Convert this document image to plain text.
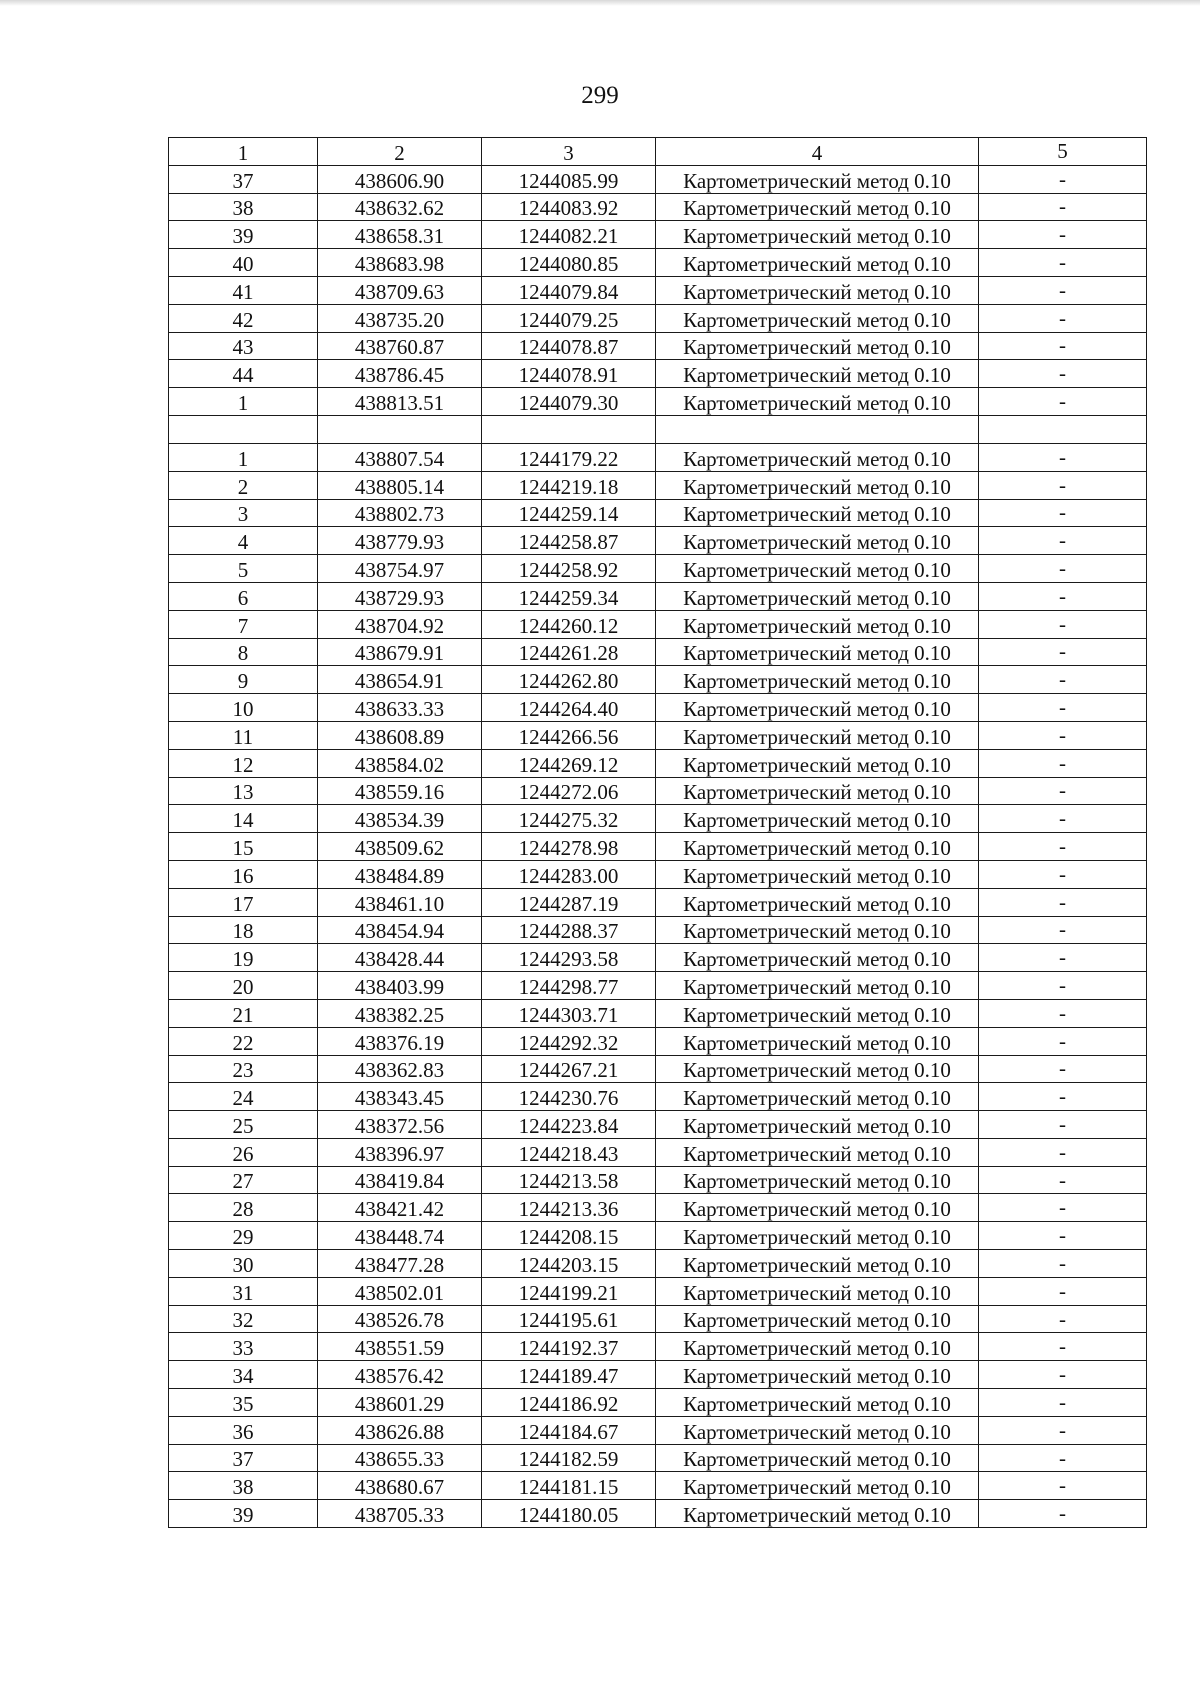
299
1	2	3	4	5
37	438606.90	1244085.99	Картометрический метод 0.10	-
38	438632.62	1244083.92	Картометрический метод 0.10	-
39	438658.31	1244082.21	Картометрический метод 0.10	-
40	438683.98	1244080.85	Картометрический метод 0.10	-
41	438709.63	1244079.84	Картометрический метод 0.10	-
42	438735.20	1244079.25	Картометрический метод 0.10	-
43	438760.87	1244078.87	Картометрический метод 0.10	-
44	438786.45	1244078.91	Картометрический метод 0.10	-
1	438813.51	1244079.30	Картометрический метод 0.10	-

1	438807.54	1244179.22	Картометрический метод 0.10	-
2	438805.14	1244219.18	Картометрический метод 0.10	-
3	438802.73	1244259.14	Картометрический метод 0.10	-
4	438779.93	1244258.87	Картометрический метод 0.10	-
5	438754.97	1244258.92	Картометрический метод 0.10	-
6	438729.93	1244259.34	Картометрический метод 0.10	-
7	438704.92	1244260.12	Картометрический метод 0.10	-
8	438679.91	1244261.28	Картометрический метод 0.10	-
9	438654.91	1244262.80	Картометрический метод 0.10	-
10	438633.33	1244264.40	Картометрический метод 0.10	-
11	438608.89	1244266.56	Картометрический метод 0.10	-
12	438584.02	1244269.12	Картометрический метод 0.10	-
13	438559.16	1244272.06	Картометрический метод 0.10	-
14	438534.39	1244275.32	Картометрический метод 0.10	-
15	438509.62	1244278.98	Картометрический метод 0.10	-
16	438484.89	1244283.00	Картометрический метод 0.10	-
17	438461.10	1244287.19	Картометрический метод 0.10	-
18	438454.94	1244288.37	Картометрический метод 0.10	-
19	438428.44	1244293.58	Картометрический метод 0.10	-
20	438403.99	1244298.77	Картометрический метод 0.10	-
21	438382.25	1244303.71	Картометрический метод 0.10	-
22	438376.19	1244292.32	Картометрический метод 0.10	-
23	438362.83	1244267.21	Картометрический метод 0.10	-
24	438343.45	1244230.76	Картометрический метод 0.10	-
25	438372.56	1244223.84	Картометрический метод 0.10	-
26	438396.97	1244218.43	Картометрический метод 0.10	-
27	438419.84	1244213.58	Картометрический метод 0.10	-
28	438421.42	1244213.36	Картометрический метод 0.10	-
29	438448.74	1244208.15	Картометрический метод 0.10	-
30	438477.28	1244203.15	Картометрический метод 0.10	-
31	438502.01	1244199.21	Картометрический метод 0.10	-
32	438526.78	1244195.61	Картометрический метод 0.10	-
33	438551.59	1244192.37	Картометрический метод 0.10	-
34	438576.42	1244189.47	Картометрический метод 0.10	-
35	438601.29	1244186.92	Картометрический метод 0.10	-
36	438626.88	1244184.67	Картометрический метод 0.10	-
37	438655.33	1244182.59	Картометрический метод 0.10	-
38	438680.67	1244181.15	Картометрический метод 0.10	-
39	438705.33	1244180.05	Картометрический метод 0.10	-
